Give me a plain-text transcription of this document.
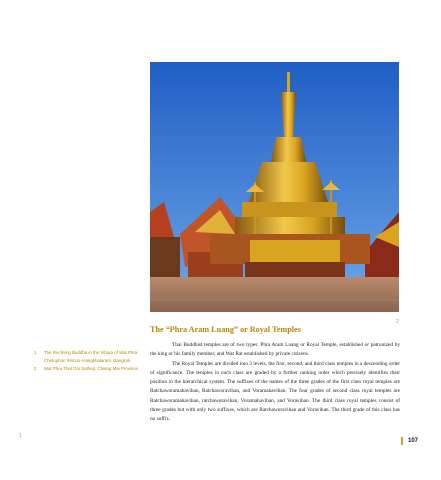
2
The “Phra Aram Luang” or Royal Temples

Thai Buddhist temples are of two types: Phra Aram Luang or Royal Temple, established or patronized by the king or his family member, and Wat Rat established by private citizens.

The Royal Temples are divided into 3 levels, the first, second, and third class temples in a descending order of significance. The temples in each class are graded by a further ranking order which precisely identifies their position in the hierarchical system. The suffixes of the names of the three grades of the first class royal temples are Ratchaworamahavihan, Ratchaworavihan, and Voramahavihan. The four grades of second class royal temples are Ratchaworamahavihan, ratchaworavihan, Voramahavihan, and Voravihan. The third class royal temples consist of three grades but with only two suffixes, which are Ratchaworavihan and Voravihan. The third grade of this class has no suffix.

1	The Reclining Buddha in the Vihara of Wat Phra Chetuphon Wimon-mangkhalaram, Bangkok
2	Wat Phra That Doi Suthep, Chiang Mai Province
1
107
